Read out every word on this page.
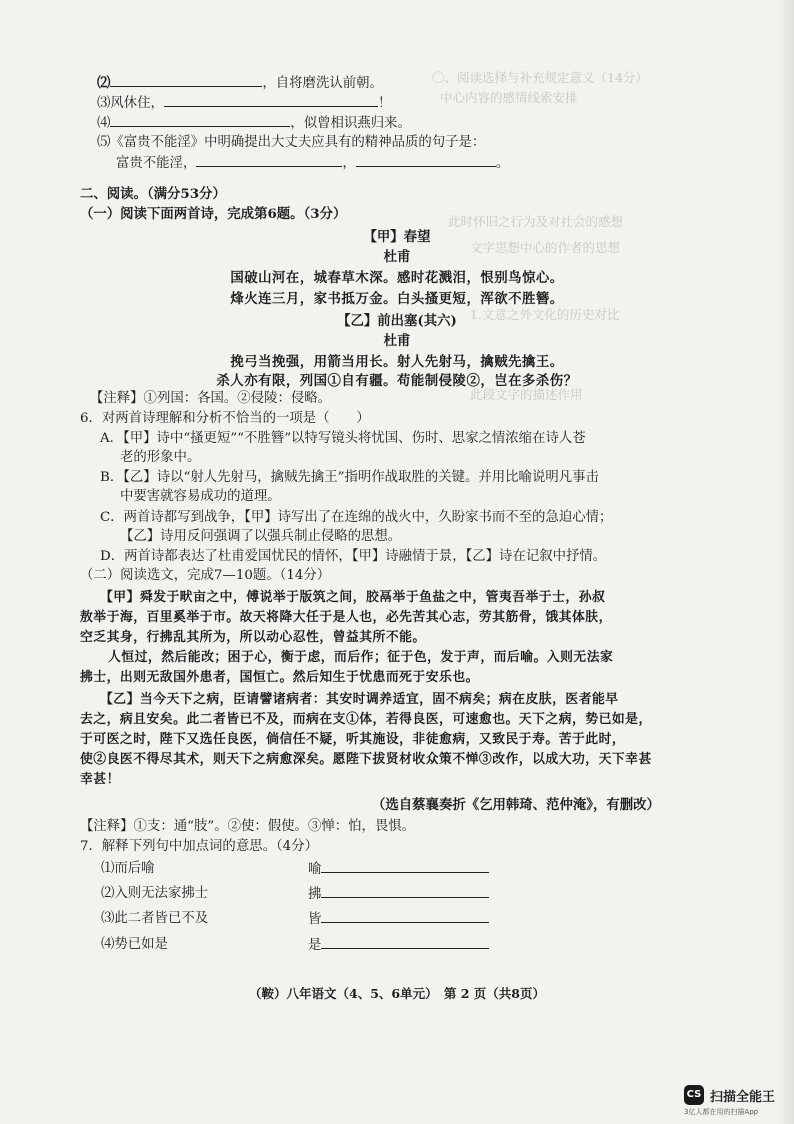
〇、阅读选择与补充规定意义（14分）
中心内容的感情线索安排
此时怀旧之行为及对社会的感想
文字思想中心的作者的思想
1.文意之外文化的历史对比
此段文字的描述作用
⑵	，自将磨洗认前朝。
⑶风休住，	！
⑷	，似曾相识燕归来。
⑸《富贵不能淫》中明确提出大丈夫应具有的精神品质的句子是：
富贵不能淫，	，	。
二、阅读。（满分53分）
（一）阅读下面两首诗，完成第6题。（3分）
【甲】春望
杜甫
国破山河在，城春草木深。感时花溅泪，恨别鸟惊心。
烽火连三月，家书抵万金。白头搔更短，浑欲不胜簪。
【乙】前出塞(其六)
杜甫
挽弓当挽强，用箭当用长。射人先射马，擒贼先擒王。
杀人亦有限，列国①自有疆。苟能制侵陵②，岂在多杀伤？
【注释】①列国：各国。②侵陵：侵略。
6．对两首诗理解和分析不恰当的一项是（　　）
A．【甲】诗中“搔更短”“不胜簪”以特写镜头将忧国、伤时、思家之情浓缩在诗人苍
老的形象中。
B．【乙】诗以“射人先射马，擒贼先擒王”指明作战取胜的关键。并用比喻说明凡事击
中要害就容易成功的道理。
C．两首诗都写到战争，【甲】诗写出了在连绵的战火中，久盼家书而不至的急迫心情；
【乙】诗用反问强调了以强兵制止侵略的思想。
D．两首诗都表达了杜甫爱国忧民的情怀，【甲】诗融情于景，【乙】诗在记叙中抒情。
（二）阅读选文，完成7—10题。（14分）
【甲】舜发于畎亩之中，傅说举于版筑之间，胶鬲举于鱼盐之中，管夷吾举于士，孙叔
敖举于海，百里奚举于市。故天将降大任于是人也，必先苦其心志，劳其筋骨，饿其体肤，
空乏其身，行拂乱其所为，所以动心忍性，曾益其所不能。
人恒过，然后能改；困于心，衡于虑，而后作；征于色，发于声，而后喻。入则无法家
拂士，出则无敌国外患者，国恒亡。然后知生于忧患而死于安乐也。
【乙】当今天下之病，臣请譬诸病者：其安时调养适宜，固不病矣；病在皮肤，医者能早
去之，病且安矣。此二者皆已不及，而病在支①体，若得良医，可速愈也。天下之病，势已如是，
于可医之时，陛下又选任良医，倘信任不疑，听其施设，非徒愈病，又致民于寿。苦于此时，
使②良医不得尽其术，则天下之病愈深矣。愿陛下拔贤材收众策不惮③改作，以成大功，天下幸甚
幸甚！
（选自蔡襄奏折《乞用韩琦、范仲淹》，有删改）
【注释】①支：通“肢”。②使：假使。③惮：怕，畏惧。
7．解释下列句中加点词的意思。（4分）
⑴而后喻	喻
⑵入则无法家拂士	拂
⑶此二者皆已不及	皆
⑷势已如是	是
（鞍）八年语文（4、5、6单元）　第 2 页（共8页）
CS 扫描全能王
3亿人都在用的扫描App
